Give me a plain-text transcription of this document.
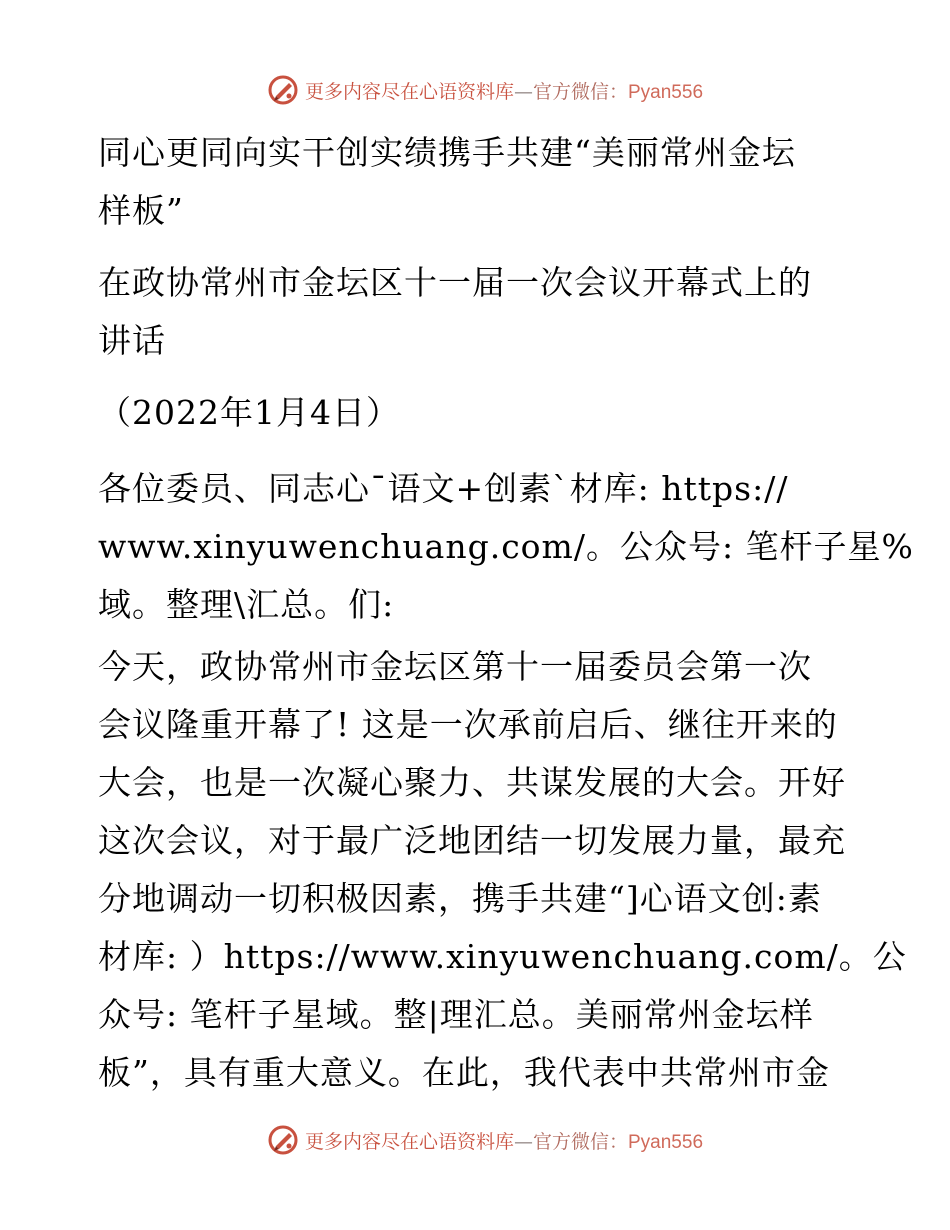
更多内容尽在心语资料库—官方微信：Pyan556
同心更同向实干创实绩携手共建“美丽常州金坛
样板”
在政协常州市金坛区十一届一次会议开幕式上的
讲话
（2022年1月4日）
各位委员、同志心¯语文+创素`材库: https://
www.xinyuwenchuang.com/。公众号: 笔杆子星%
域。整理\汇总。们:
今天，政协常州市金坛区第十一届委员会第一次
会议隆重开幕了! 这是一次承前启后、继往开来的
大会，也是一次凝心聚力、共谋发展的大会。开好
这次会议，对于最广泛地团结一切发展力量，最充
分地调动一切积极因素，携手共建“]心语文创:素
材库: ）https://www.xinyuwenchuang.com/。公
众号: 笔杆子星域。整|理汇总。美丽常州金坛样
板”，具有重大意义。在此，我代表中共常州市金
更多内容尽在心语资料库—官方微信：Pyan556
